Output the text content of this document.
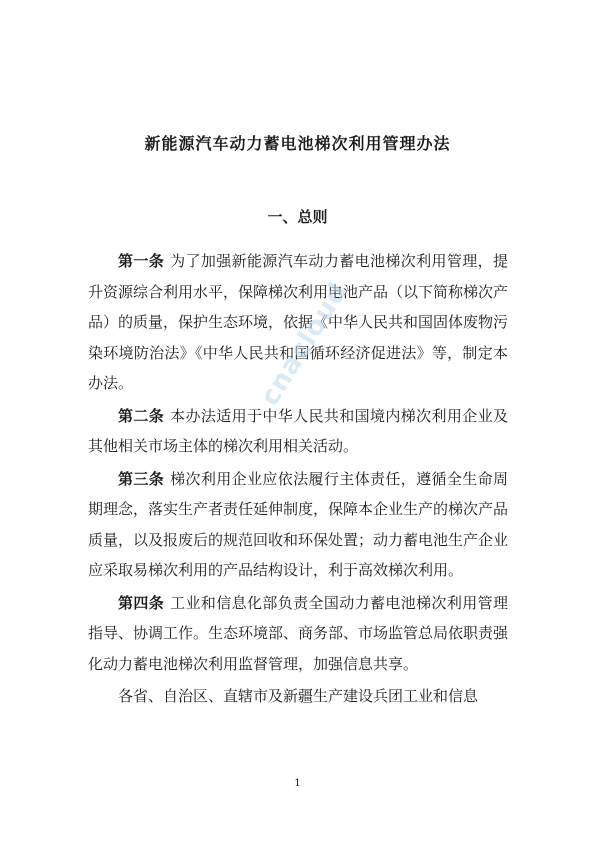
新能源汽车动力蓄电池梯次利用管理办法
一、总则

第一条 为了加强新能源汽车动力蓄电池梯次利用管理，提升资源综合利用水平，保障梯次利用电池产品（以下简称梯次产品）的质量，保护生态环境，依据《中华人民共和国固体废物污染环境防治法》《中华人民共和国循环经济促进法》等，制定本办法。

第二条 本办法适用于中华人民共和国境内梯次利用企业及其他相关市场主体的梯次利用相关活动。

第三条 梯次利用企业应依法履行主体责任，遵循全生命周期理念，落实生产者责任延伸制度，保障本企业生产的梯次产品质量，以及报废后的规范回收和环保处置；动力蓄电池生产企业应采取易梯次利用的产品结构设计，利于高效梯次利用。

第四条 工业和信息化部负责全国动力蓄电池梯次利用管理指导、协调工作。生态环境部、商务部、市场监管总局依职责强化动力蓄电池梯次利用监督管理，加强信息共享。

各省、自治区、直辖市及新疆生产建设兵团工业和信息

cnacloud
1
